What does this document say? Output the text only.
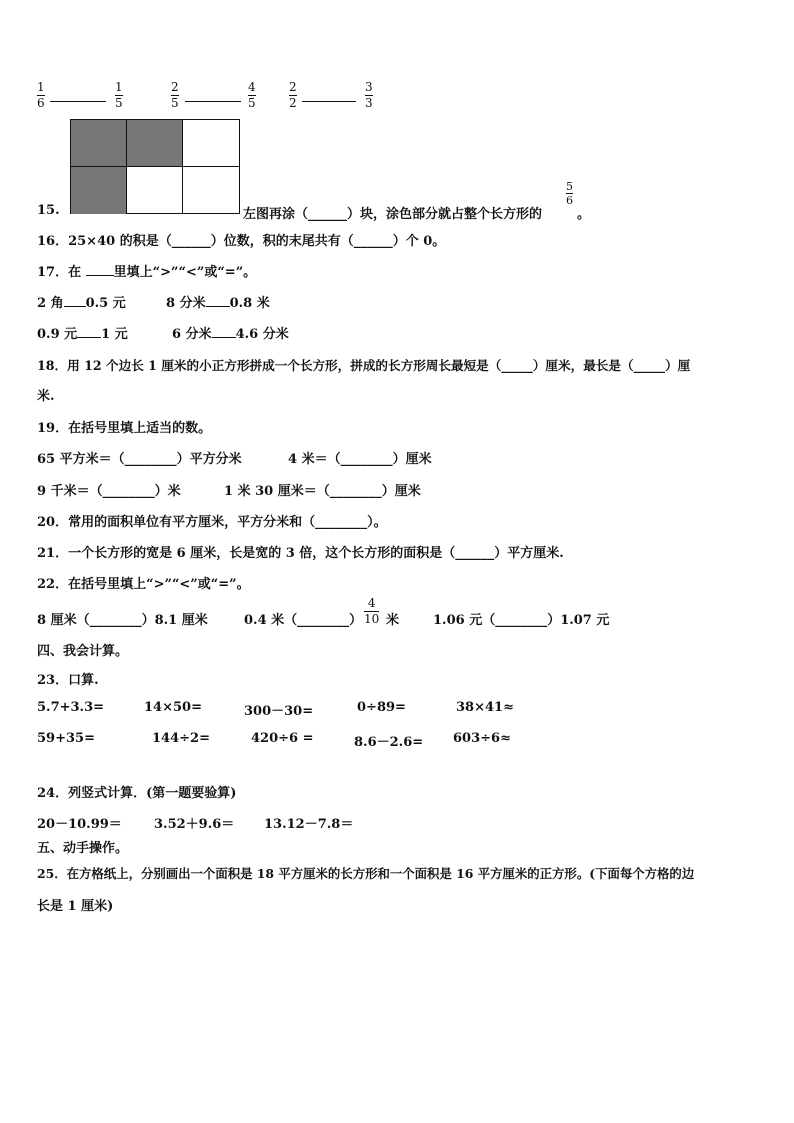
1
6
1
5
2
5
4
5
2
2
3
3
15.	左图再涂（______）块，涂色部分就占整个长方形的
5
6
。
16．25×40 的积是（______）位数，积的末尾共有（______）个 0。
17．在 里填上“>”“<”或“=”。
2 角 0.5 元	8 分米 0.8 米
0.9 元 1 元	6 分米 4.6 分米
18．用 12 个边长 1 厘米的小正方形拼成一个长方形，拼成的长方形周长最短是（_____）厘米，最长是（_____）厘
米.
19．在括号里填上适当的数。
65 平方米＝（________）平方分米	4 米＝（________）厘米
9 千米＝（________）米	1 米 30 厘米＝（________）厘米
20．常用的面积单位有平方厘米，平方分米和（________）。
21．一个长方形的宽是 6 厘米，长是宽的 3 倍，这个长方形的面积是（______）平方厘米.
22．在括号里填上“>”“<”或“=”。
8 厘米（________）8.1 厘米	0.4 米（________）
4
10 米	1.06 元（________）1.07 元
四、我会计算。
23．口算.
5.7+3.3=	14×50=	300－30=	0÷89=	38×41≈
59+35=	144÷2=	420÷6 =	8.6－2.6= 603÷6≈
24．列竖式计算．(第一题要验算)
20－10.99＝ 3.52＋9.6＝ 13.12－7.8＝
五、动手操作。
25．在方格纸上，分别画出一个面积是 18 平方厘米的长方形和一个面积是 16 平方厘米的正方形。(下面每个方格的边
长是 1 厘米)
